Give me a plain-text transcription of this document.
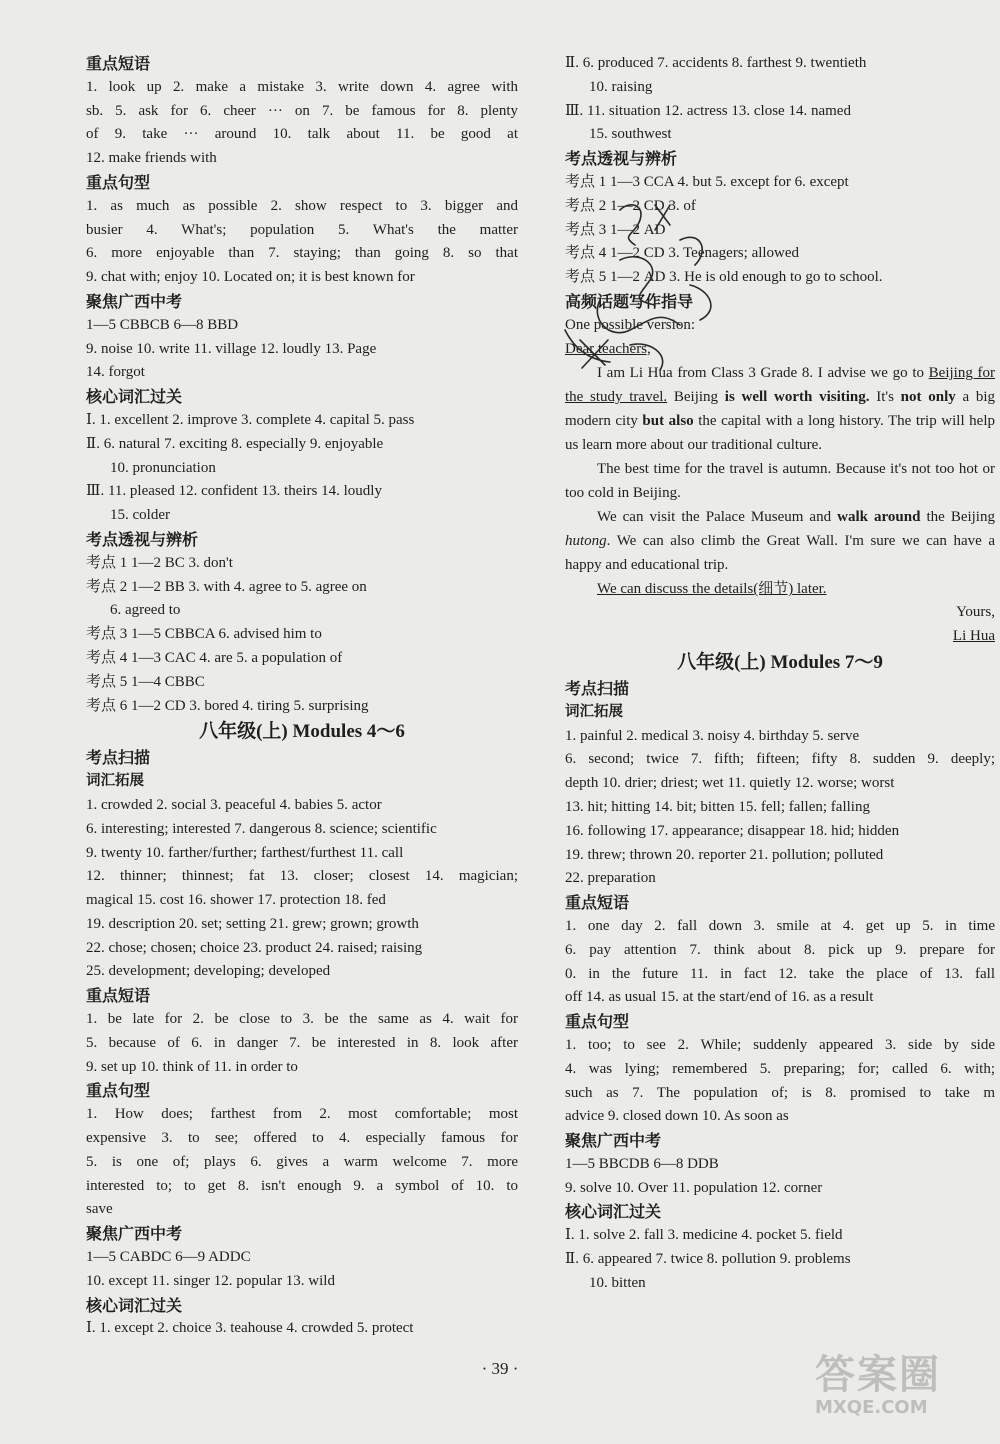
重点短语
1. look up 2. make a mistake 3. write down 4. agree with
sb. 5. ask for 6. cheer ··· on 7. be famous for 8. plenty
of 9. take ··· around 10. talk about 11. be good at
12. make friends with
重点句型
1. as much as possible 2. show respect to 3. bigger and
busier 4. What's; population 5. What's the matter
6. more enjoyable than 7. staying; than going 8. so that
9. chat with; enjoy 10. Located on; it is best known for
聚焦广西中考
1—5 CBBCB 6—8 BBD
9. noise 10. write 11. village 12. loudly 13. Page
14. forgot
核心词汇过关
Ⅰ. 1. excellent 2. improve 3. complete 4. capital 5. pass
Ⅱ. 6. natural 7. exciting 8. especially 9. enjoyable
10. pronunciation
Ⅲ. 11. pleased 12. confident 13. theirs 14. loudly
15. colder
考点透视与辨析
考点 1 1—2 BC 3. don't
考点 2 1—2 BB 3. with 4. agree to 5. agree on
6. agreed to
考点 3 1—5 CBBCA 6. advised him to
考点 4 1—3 CAC 4. are 5. a population of
考点 5 1—4 CBBC
考点 6 1—2 CD 3. bored 4. tiring 5. surprising
八年级(上) Modules 4～6
考点扫描
词汇拓展
1. crowded 2. social 3. peaceful 4. babies 5. actor
6. interesting; interested 7. dangerous 8. science; scientific
9. twenty 10. farther/further; farthest/furthest 11. call
12. thinner; thinnest; fat 13. closer; closest 14. magician;
magical 15. cost 16. shower 17. protection 18. fed
19. description 20. set; setting 21. grew; grown; growth
22. chose; chosen; choice 23. product 24. raised; raising
25. development; developing; developed
重点短语
1. be late for 2. be close to 3. be the same as 4. wait for
5. because of 6. in danger 7. be interested in 8. look after
9. set up 10. think of 11. in order to
重点句型
1. How does; farthest from 2. most comfortable; most
expensive 3. to see; offered to 4. especially famous for
5. is one of; plays 6. gives a warm welcome 7. more
interested to; to get 8. isn't enough 9. a symbol of 10. to
save
聚焦广西中考
1—5 CABDC 6—9 ADDC
10. except 11. singer 12. popular 13. wild
核心词汇过关
Ⅰ. 1. except 2. choice 3. teahouse 4. crowded 5. protect
Ⅱ. 6. produced 7. accidents 8. farthest 9. twentieth
10. raising
Ⅲ. 11. situation 12. actress 13. close 14. named
15. southwest
考点透视与辨析
考点 1 1—3 CCA 4. but 5. except for 6. except
考点 2 1—2 CD 3. of
考点 3 1—2 AD
考点 4 1—2 CD 3. Teenagers; allowed
考点 5 1—2 AD 3. He is old enough to go to school.
高频话题写作指导
One possible version:
Dear teachers,
I am Li Hua from Class 3 Grade 8. I advise we go to Beijing for the study travel. Beijing is well worth visiting. It's not only a big modern city but also the capital with a long history. The trip will help us learn more about our traditional culture.
The best time for the travel is autumn. Because it's not too hot or too cold in Beijing.
We can visit the Palace Museum and walk around the Beijing hutong. We can also climb the Great Wall. I'm sure we can have a happy and educational trip.
We can discuss the details(细节) later.
Yours,
Li Hua
八年级(上) Modules 7～9
考点扫描
词汇拓展
1. painful 2. medical 3. noisy 4. birthday 5. serve
6. second; twice 7. fifth; fifteen; fifty 8. sudden 9. deeply;
depth 10. drier; driest; wet 11. quietly 12. worse; worst
13. hit; hitting 14. bit; bitten 15. fell; fallen; falling
16. following 17. appearance; disappear 18. hid; hidden
19. threw; thrown 20. reporter 21. pollution; polluted
22. preparation
重点短语
1. one day 2. fall down 3. smile at 4. get up 5. in time
6. pay attention 7. think about 8. pick up 9. prepare for
0. in the future 11. in fact 12. take the place of 13. fall
off 14. as usual 15. at the start/end of 16. as a result
重点句型
1. too; to see 2. While; suddenly appeared 3. side by side
4. was lying; remembered 5. preparing; for; called 6. with;
such as 7. The population of; is 8. promised to take m
advice 9. closed down 10. As soon as
聚焦广西中考
1—5 BBCDB 6—8 DDB
9. solve 10. Over 11. population 12. corner
核心词汇过关
Ⅰ. 1. solve 2. fall 3. medicine 4. pocket 5. field
Ⅱ. 6. appeared 7. twice 8. pollution 9. problems
10. bitten
· 39 ·	答案圈
MXQE.COM
